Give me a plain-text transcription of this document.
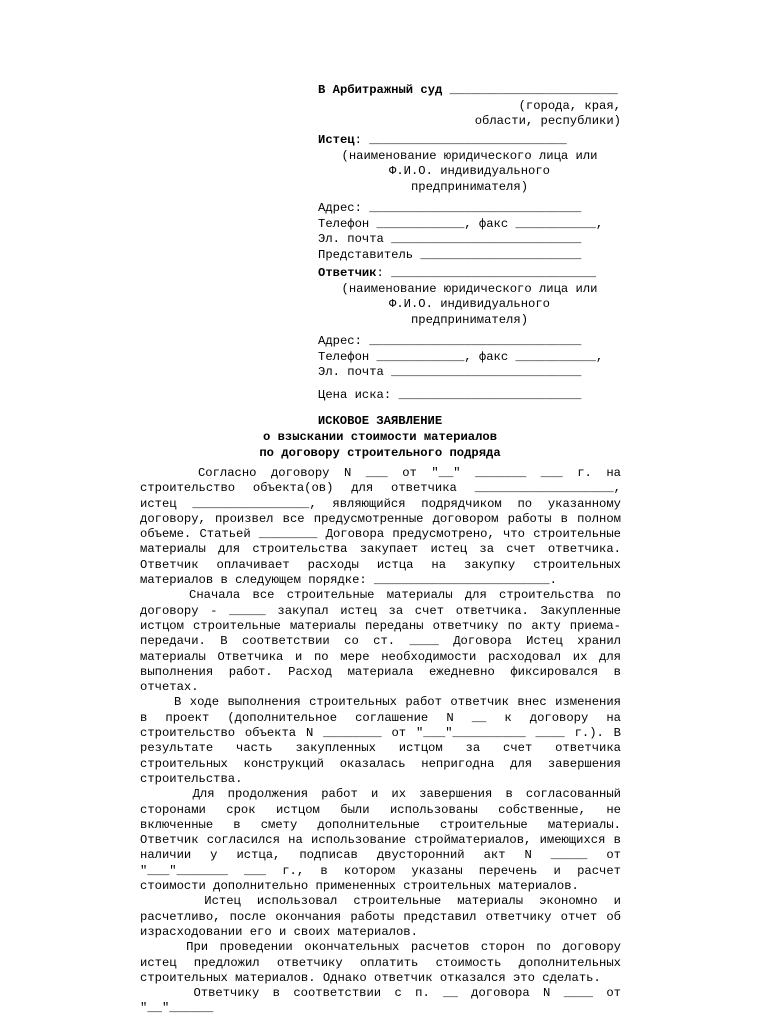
В Арбитражный суд _______________________
(города, края,
области, республики)
Истец: ___________________________
(наименование юридического лица или
Ф.И.О. индивидуального
предпринимателя)
Адрес: _____________________________
Телефон ____________, факс ___________,
Эл. почта __________________________
Представитель ______________________
Ответчик: ____________________________
(наименование юридического лица или
Ф.И.О. индивидуального
предпринимателя)
Адрес: _____________________________
Телефон ____________, факс ___________,
Эл. почта __________________________
Цена иска: _________________________
ИСКОВОЕ ЗАЯВЛЕНИЕ
о взыскании стоимости материалов
по договору строительного подряда

Согласно договору N ___ от "__" _______ ___ г. на строительство объекта(ов) для ответчика ___________________, истец ________________, являющийся подрядчиком по указанному договору, произвел все предусмотренные договором работы в полном объеме. Статьей ________ Договора предусмотрено, что строительные материалы для строительства закупает истец за счет ответчика. Ответчик оплачивает расходы истца на закупку строительных материалов в следующем порядке: ________________________.

Сначала все строительные материалы для строительства по договору - _____ закупал истец за счет ответчика. Закупленные истцом строительные материалы переданы ответчику по акту приема-передачи. В соответствии со ст. ____ Договора Истец хранил материалы Ответчика и по мере необходимости расходовал их для выполнения работ. Расход материала ежедневно фиксировался в отчетах.

В ходе выполнения строительных работ ответчик внес изменения в проект (дополнительное соглашение N __ к договору на строительство объекта N ________ от "___"__________ ____ г.). В результате часть закупленных истцом за счет ответчика строительных конструкций оказалась непригодна для завершения строительства.

Для продолжения работ и их завершения в согласованный сторонами срок истцом были использованы собственные, не включенные в смету дополнительные строительные материалы. Ответчик согласился на использование стройматериалов, имеющихся в наличии у истца, подписав двусторонний акт N _____ от "___"_______ ___ г., в котором указаны перечень и расчет стоимости дополнительно примененных строительных материалов.

Истец использовал строительные материалы экономно и расчетливо, после окончания работы представил ответчику отчет об израсходовании его и своих материалов.

При проведении окончательных расчетов сторон по договору истец предложил ответчику оплатить стоимость дополнительных строительных материалов. Однако ответчик отказался это сделать.

Ответчику в соответствии с п. __ договора N ____ от "__"______
